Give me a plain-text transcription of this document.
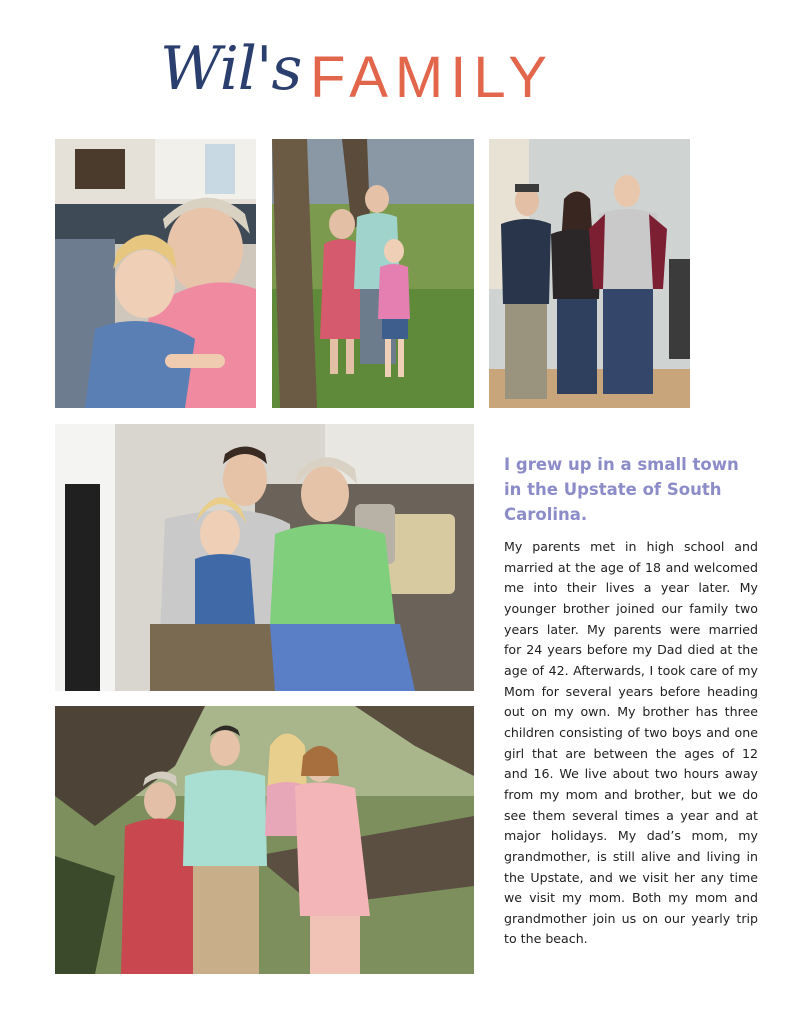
Wil's FAMILY

I grew up in a small town in the Upstate of South Carolina.

My parents met in high school and married at the age of 18 and welcomed me into their lives a year later. My younger brother joined our family two years later. My parents were married for 24 years before my Dad died at the age of 42. Afterwards, I took care of my Mom for several years before heading out on my own. My brother has three children consisting of two boys and one girl that are between the ages of 12 and 16. We live about two hours away from my mom and brother, but we do see them several times a year and at major holidays. My dad’s mom, my grandmother, is still alive and living in the Upstate, and we visit her any time we visit my mom. Both my mom and grandmother join us on our yearly trip to the beach.
